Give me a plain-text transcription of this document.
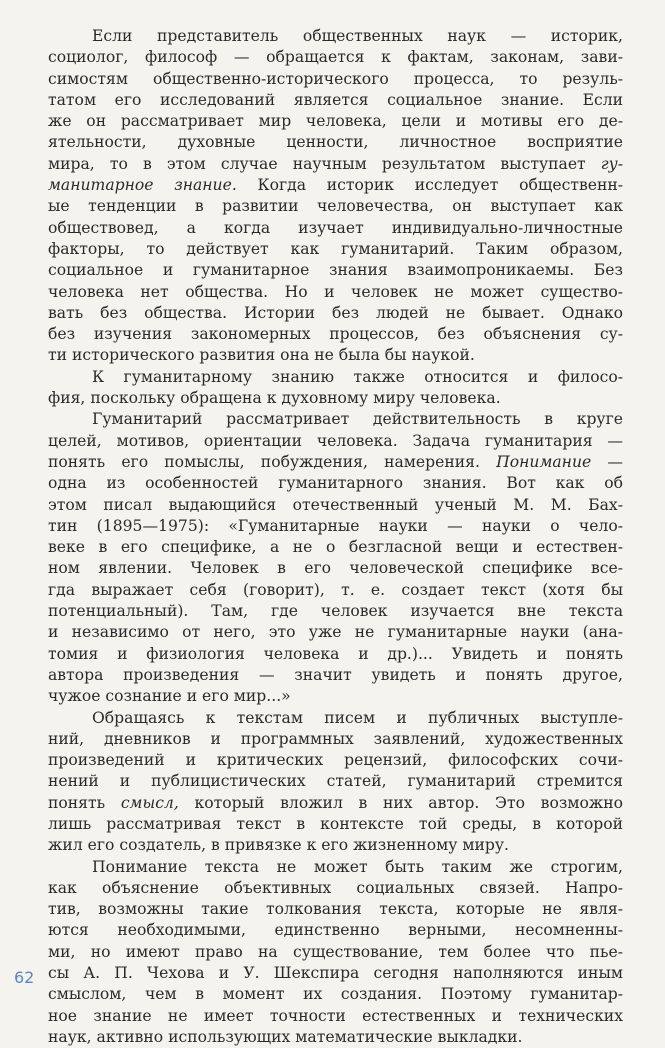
Если представитель общественных наук — историк,
социолог, философ — обращается к фактам, законам, зави-
симостям общественно-исторического процесса, то резуль-
татом его исследований является социальное знание. Если
же он рассматривает мир человека, цели и мотивы его де-
ятельности, духовные ценности, личностное восприятие
мира, то в этом случае научным результатом выступает гу-
манитарное знание. Когда историк исследует общественн-
ые тенденции в развитии человечества, он выступает как
обществовед, а когда изучает индивидуально-личностные
факторы, то действует как гуманитарий. Таким образом,
социальное и гуманитарное знания взаимопроникаемы. Без
человека нет общества. Но и человек не может существо-
вать без общества. Истории без людей не бывает. Однако
без изучения закономерных процессов, без объяснения су-
ти исторического развития она не была бы наукой.
К гуманитарному знанию также относится и филосо-
фия, поскольку обращена к духовному миру человека.
Гуманитарий рассматривает действительность в круге
целей, мотивов, ориентации человека. Задача гуманитария —
понять его помыслы, побуждения, намерения. Понимание —
одна из особенностей гуманитарного знания. Вот как об
этом писал выдающийся отечественный ученый М. М. Бах-
тин (1895—1975): «Гуманитарные науки — науки о чело-
веке в его специфике, а не о безгласной вещи и естествен-
ном явлении. Человек в его человеческой специфике все-
гда выражает себя (говорит), т. е. создает текст (хотя бы
потенциальный). Там, где человек изучается вне текста
и независимо от него, это уже не гуманитарные науки (ана-
томия и физиология человека и др.)... Увидеть и понять
автора произведения — значит увидеть и понять другое,
чужое сознание и его мир...»
Обращаясь к текстам писем и публичных выступле-
ний, дневников и программных заявлений, художественных
произведений и критических рецензий, философских сочи-
нений и публицистических статей, гуманитарий стремится
понять смысл, который вложил в них автор. Это возможно
лишь рассматривая текст в контексте той среды, в которой
жил его создатель, в привязке к его жизненному миру.
Понимание текста не может быть таким же строгим,
как объяснение объективных социальных связей. Напро-
тив, возможны такие толкования текста, которые не явля-
ются необходимыми, единственно верными, несомненны-
ми, но имеют право на существование, тем более что пье-
сы А. П. Чехова и У. Шекспира сегодня наполняются иным
смыслом, чем в момент их создания. Поэтому гуманитар-
ное знание не имеет точности естественных и технических
наук, активно использующих математические выкладки.
62
